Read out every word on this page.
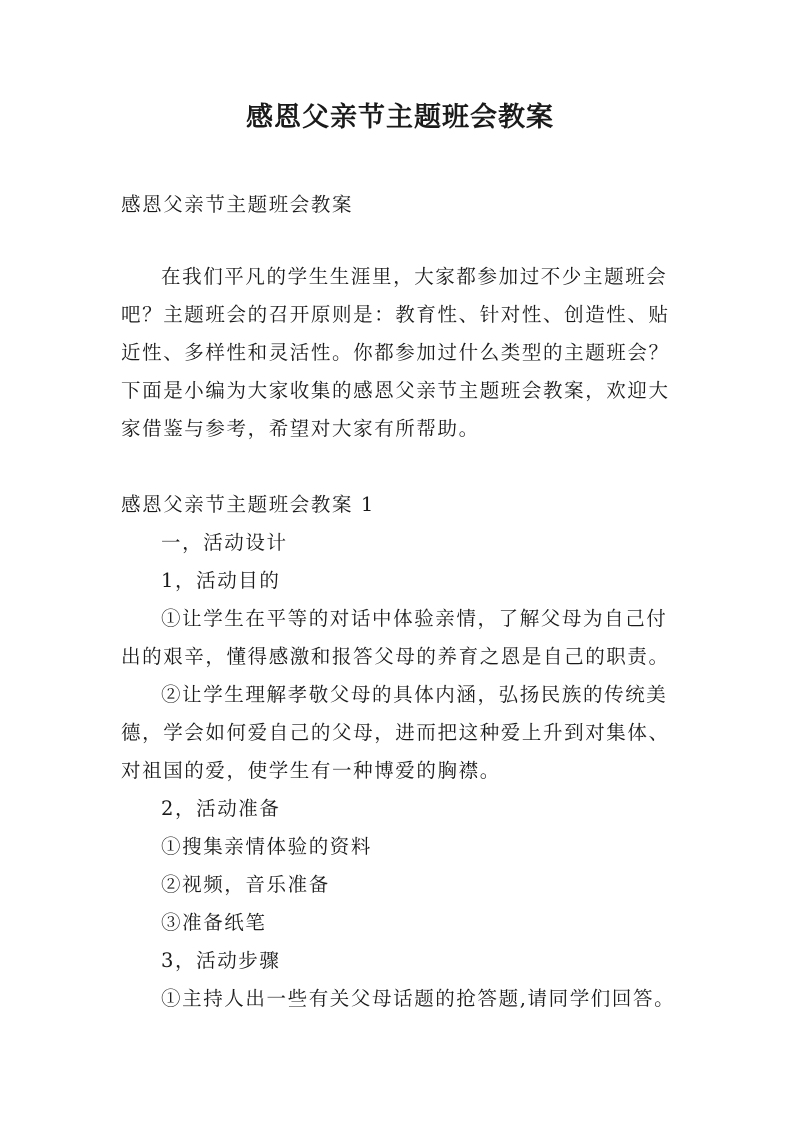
感恩父亲节主题班会教案
感恩父亲节主题班会教案
在我们平凡的学生生涯里，大家都参加过不少主题班会
吧？主题班会的召开原则是：教育性、针对性、创造性、贴
近性、多样性和灵活性。你都参加过什么类型的主题班会？
下面是小编为大家收集的感恩父亲节主题班会教案，欢迎大
家借鉴与参考，希望对大家有所帮助。
感恩父亲节主题班会教案 1
一，活动设计
1，活动目的
①让学生在平等的对话中体验亲情，了解父母为自己付
出的艰辛，懂得感激和报答父母的养育之恩是自己的职责。
②让学生理解孝敬父母的具体内涵，弘扬民族的传统美
德，学会如何爱自己的父母，进而把这种爱上升到对集体、
对祖国的爱，使学生有一种博爱的胸襟。
2，活动准备
①搜集亲情体验的资料
②视频，音乐准备
③准备纸笔
3，活动步骤
①主持人出一些有关父母话题的抢答题,请同学们回答。
